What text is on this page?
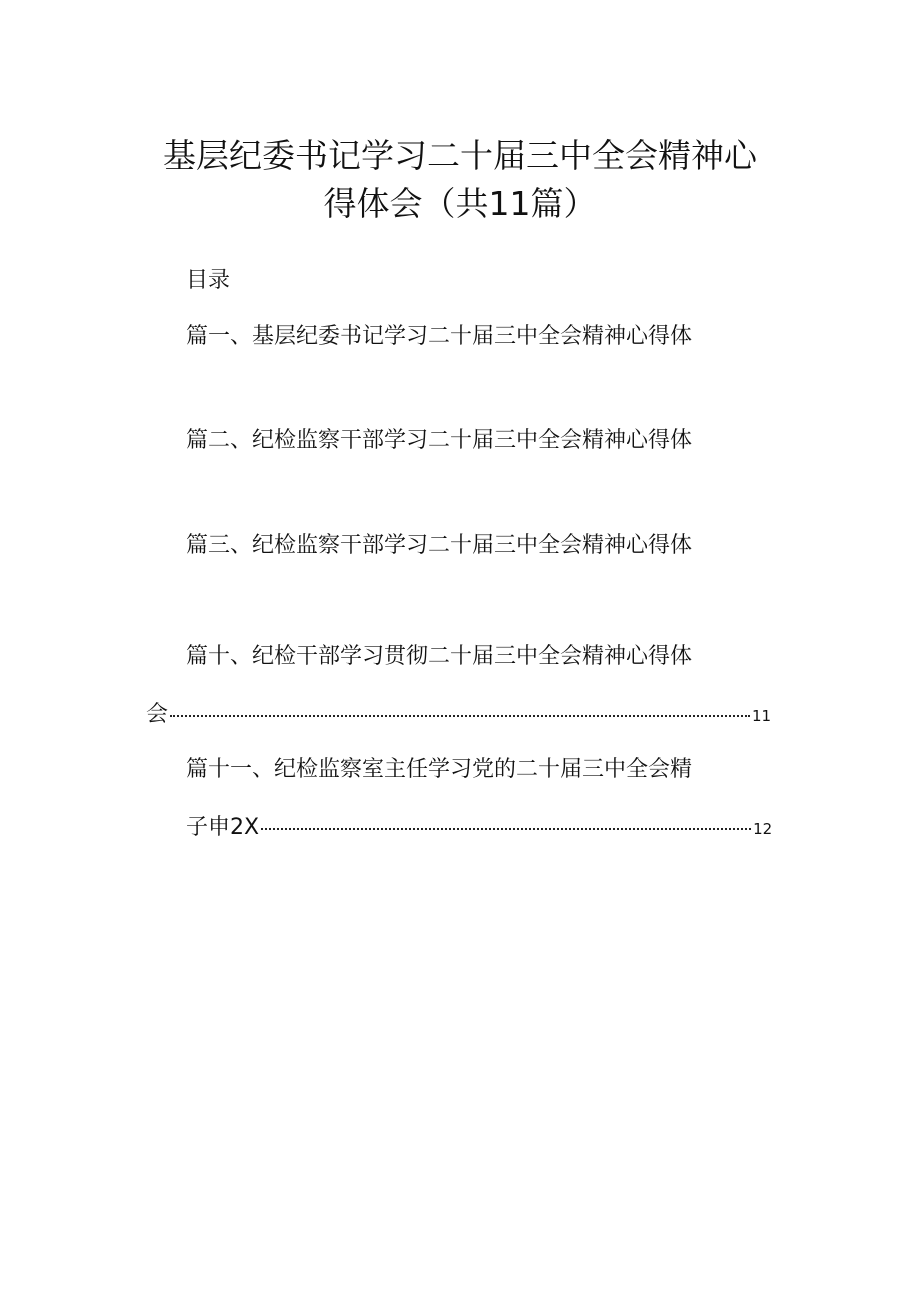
基层纪委书记学习二十届三中全会精神心
得体会（共11篇）
目录
篇一、基层纪委书记学习二十届三中全会精神心得体
篇二、纪检监察干部学习二十届三中全会精神心得体
篇三、纪检监察干部学习二十届三中全会精神心得体
篇十、纪检干部学习贯彻二十届三中全会精神心得体
会	11
篇十一、纪检监察室主任学习党的二十届三中全会精
子申2X	12
